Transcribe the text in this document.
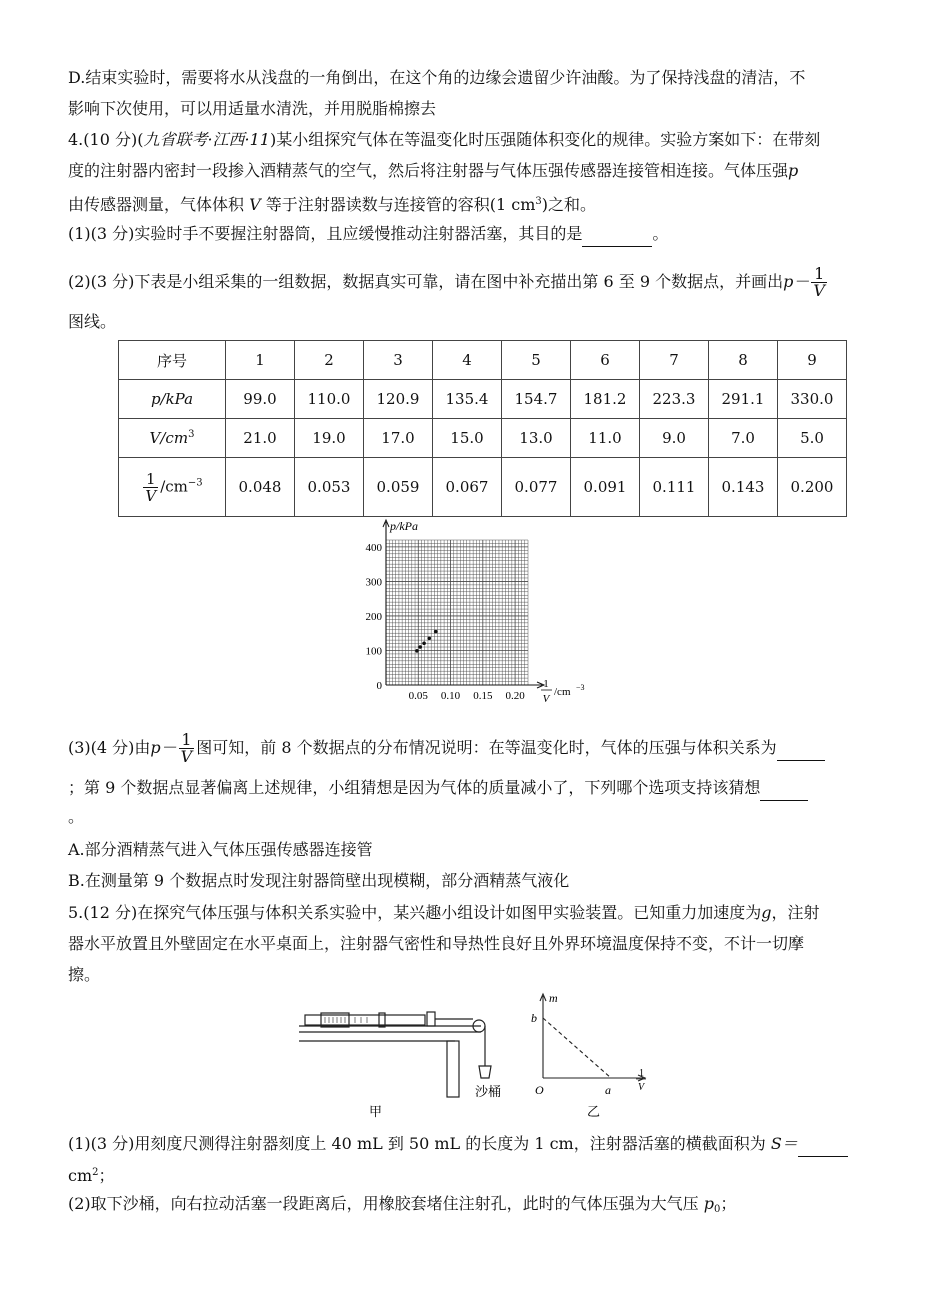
D.结束实验时，需要将水从浅盘的一角倒出，在这个角的边缘会遗留少许油酸。为了保持浅盘的清洁，不
影响下次使用，可以用适量水清洗，并用脱脂棉擦去
4.(10 分)(九省联考·江西·11)某小组探究气体在等温变化时压强随体积变化的规律。实验方案如下：在带刻
度的注射器内密封一段掺入酒精蒸气的空气，然后将注射器与气体压强传感器连接管相连接。气体压强p
由传感器测量，气体体积 V 等于注射器读数与连接管的容积(1 $cm^3$)之和。
(1)(3 分)实验时手不要握注射器筒，且应缓慢推动注射器活塞，其目的是	。
(2)(3 分)下表是小组采集的一组数据，数据真实可靠，请在图中补充描出第 6 至 9 个数据点，并画出$p- \frac{1}{V}$
图线。
序号	1	2	3	4	5	6	7	8	9
p/kPa	99.0	110.0	120.9	135.4	154.7	181.2	223.3	291.1	330.0
$V/cm^3$	21.0	19.0	17.0	15.0	13.0	11.0	9.0	7.0	5.0

$\frac{1}{V} /cm^{-3}$	0.048	0.053	0.059	0.067	0.077	0.091	0.111	0.143	0.200
400
300
200
100
0
0.05 0.10 0.15 0.20
p/kPa
1
V
/cm −3
(3)(4 分)由$p- \frac{1}{V}$ 图可知，前 8 个数据点的分布情况说明：在等温变化时，气体的压强与体积关系为
；第 9 个数据点显著偏离上述规律，小组猜想是因为气体的质量减小了，下列哪个选项支持该猜想
。
A.部分酒精蒸气进入气体压强传感器连接管
B.在测量第 9 个数据点时发现注射器筒壁出现模糊，部分酒精蒸气液化
5.(12 分)在探究气体压强与体积关系实验中，某兴趣小组设计如图甲实验装置。已知重力加速度为g，注射
器水平放置且外壁固定在水平桌面上，注射器气密性和导热性良好且外界环境温度保持不变，不计一切摩
擦。
沙桶
甲
m
b
O	a
1
V
乙
(1)(3 分)用刻度尺测得注射器刻度上 40 mL 到 50 mL 的长度为 1 cm，注射器活塞的横截面积为 S＝
$cm^2$；
(2)取下沙桶，向右拉动活塞一段距离后，用橡胶套堵住注射孔，此时的气体压强为大气压 $p_0$；
